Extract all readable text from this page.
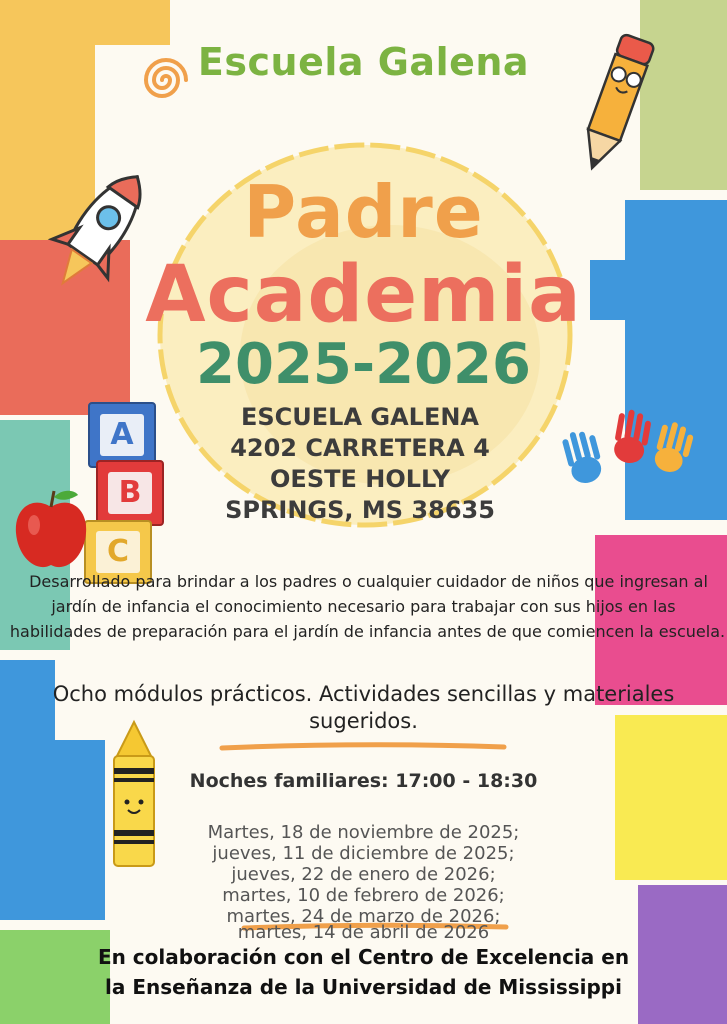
A
B
C
Escuela Galena
Padre
Academia
2025-2026
ESCUELA GALENA
4202 CARRETERA 4
OESTE HOLLY
SPRINGS, MS 38635
Desarrollado para brindar a los padres o cualquier cuidador de niños que ingresan al
jardín de infancia el conocimiento necesario para trabajar con sus hijos en las
habilidades de preparación para el jardín de infancia antes de que comiencen la escuela.
Ocho módulos prácticos. Actividades sencillas y materiales
sugeridos.
Noches familiares: 17:00 - 18:30
Martes, 18 de noviembre de 2025;
jueves, 11 de diciembre de 2025;
jueves, 22 de enero de 2026;
martes, 10 de febrero de 2026;
martes, 24 de marzo de 2026;
martes, 14 de abril de 2026
En colaboración con el Centro de Excelencia en
la Enseñanza de la Universidad de Mississippi
